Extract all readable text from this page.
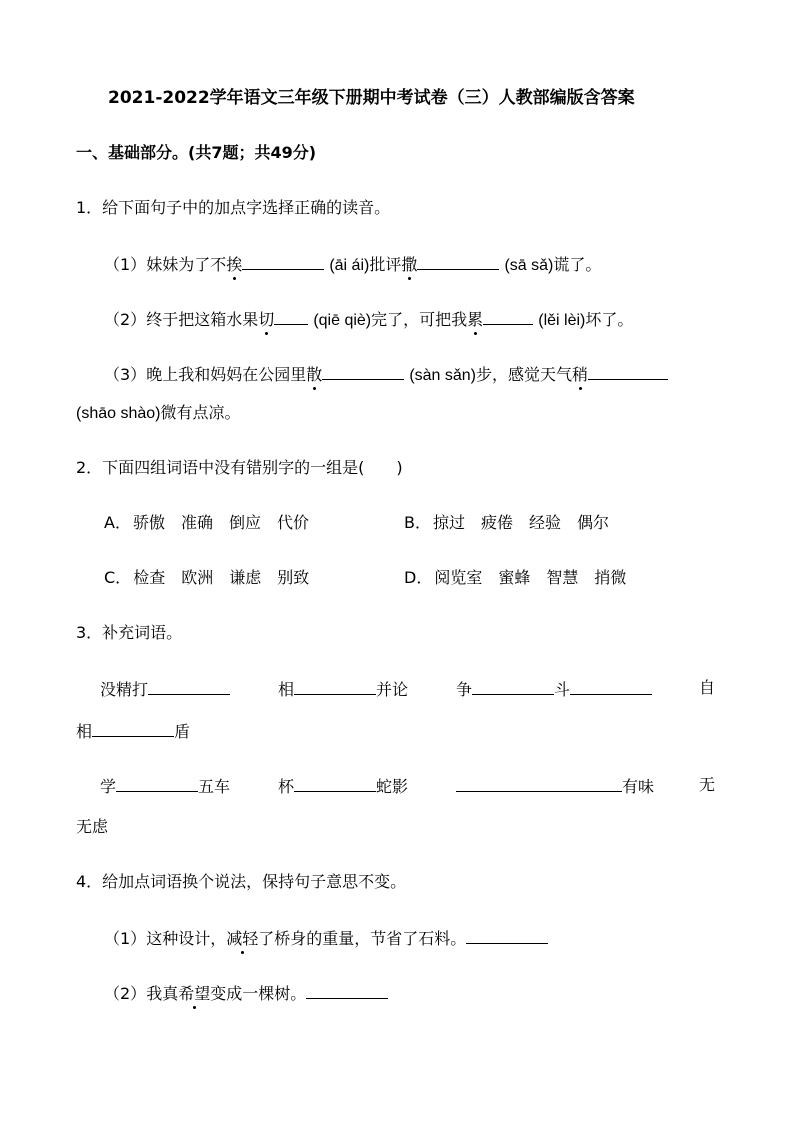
2021-2022学年语文三年级下册期中考试卷（三）人教部编版含答案
一、基础部分。(共7题；共49分)
1．给下面句子中的加点字选择正确的读音。
（1）妹妹为了不挨	(āi ái)批评撒	(sā sǎ)谎了。
（2）终于把这箱水果切 (qiē qiè)完了，可把我累	(lěi lèi)坏了。
（3）晚上我和妈妈在公园里散	(sàn sǎn)步，感觉天气稍
(shāo shào)微有点凉。
2．下面四组词语中没有错别字的一组是(　　)
A． 骄傲 准确 倒应 代价	B． 掠过 疲倦 经验 偶尔
C． 检查 欧洲 谦虑 别致	D． 阅览室 蜜蜂 智慧 捎微
3．补充词语。
没精打	相	并论	争	斗	自
相	盾
学	五车	杯	蛇影	有味	无
无虑
4．给加点词语换个说法，保持句子意思不变。
（1）这种设计，减轻了桥身的重量，节省了石料。
（2）我真希望变成一棵树。
